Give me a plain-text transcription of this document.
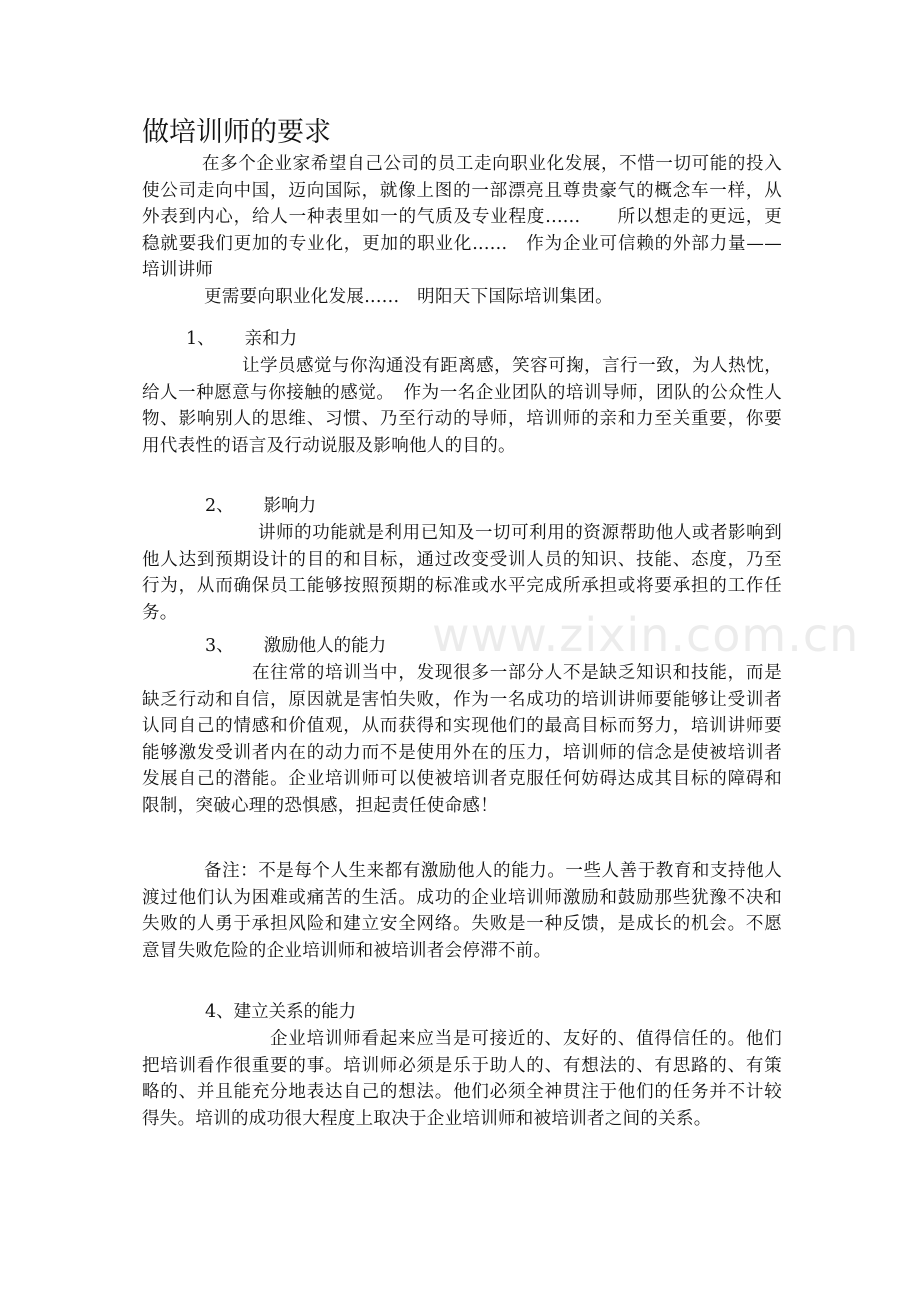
做培训师的要求
在多个企业家希望自己公司的员工走向职业化发展，不惜一切可能的投入使公司走向中国，迈向国际，就像上图的一部漂亮且尊贵豪气的概念车一样，从外表到内心，给人一种表里如一的气质及专业程度......　　所以想走的更远，更稳就要我们更加的专业化，更加的职业化......　作为企业可信赖的外部力量——培训讲师
更需要向职业化发展......　明阳天下国际培训集团。
1、 亲和力
让学员感觉与你沟通没有距离感，笑容可掬，言行一致，为人热忱，给人一种愿意与你接触的感觉。　作为一名企业团队的培训导师，团队的公众性人物、影响别人的思维、习惯、乃至行动的导师，培训师的亲和力至关重要，你要用代表性的语言及行动说服及影响他人的目的。
2、 影响力
讲师的功能就是利用已知及一切可利用的资源帮助他人或者影响到他人达到预期设计的目的和目标，通过改变受训人员的知识、技能、态度，乃至行为，从而确保员工能够按照预期的标准或水平完成所承担或将要承担的工作任务。
3、 激励他人的能力
在往常的培训当中，发现很多一部分人不是缺乏知识和技能，而是缺乏行动和自信，原因就是害怕失败，作为一名成功的培训讲师要能够让受训者认同自己的情感和价值观，从而获得和实现他们的最高目标而努力，培训讲师要能够激发受训者内在的动力而不是使用外在的压力，培训师的信念是使被培训者发展自己的潜能。企业培训师可以使被培训者克服任何妨碍达成其目标的障碍和限制，突破心理的恐惧感，担起责任使命感！
备注：不是每个人生来都有激励他人的能力。一些人善于教育和支持他人渡过他们认为困难或痛苦的生活。成功的企业培训师激励和鼓励那些犹豫不决和失败的人勇于承担风险和建立安全网络。失败是一种反馈，是成长的机会。不愿意冒失败危险的企业培训师和被培训者会停滞不前。
4、建立关系的能力
企业培训师看起来应当是可接近的、友好的、值得信任的。他们把培训看作很重要的事。培训师必须是乐于助人的、有想法的、有思路的、有策略的、并且能充分地表达自己的想法。他们必须全神贯注于他们的任务并不计较得失。培训的成功很大程度上取决于企业培训师和被培训者之间的关系。
www.zixin.com.cn
